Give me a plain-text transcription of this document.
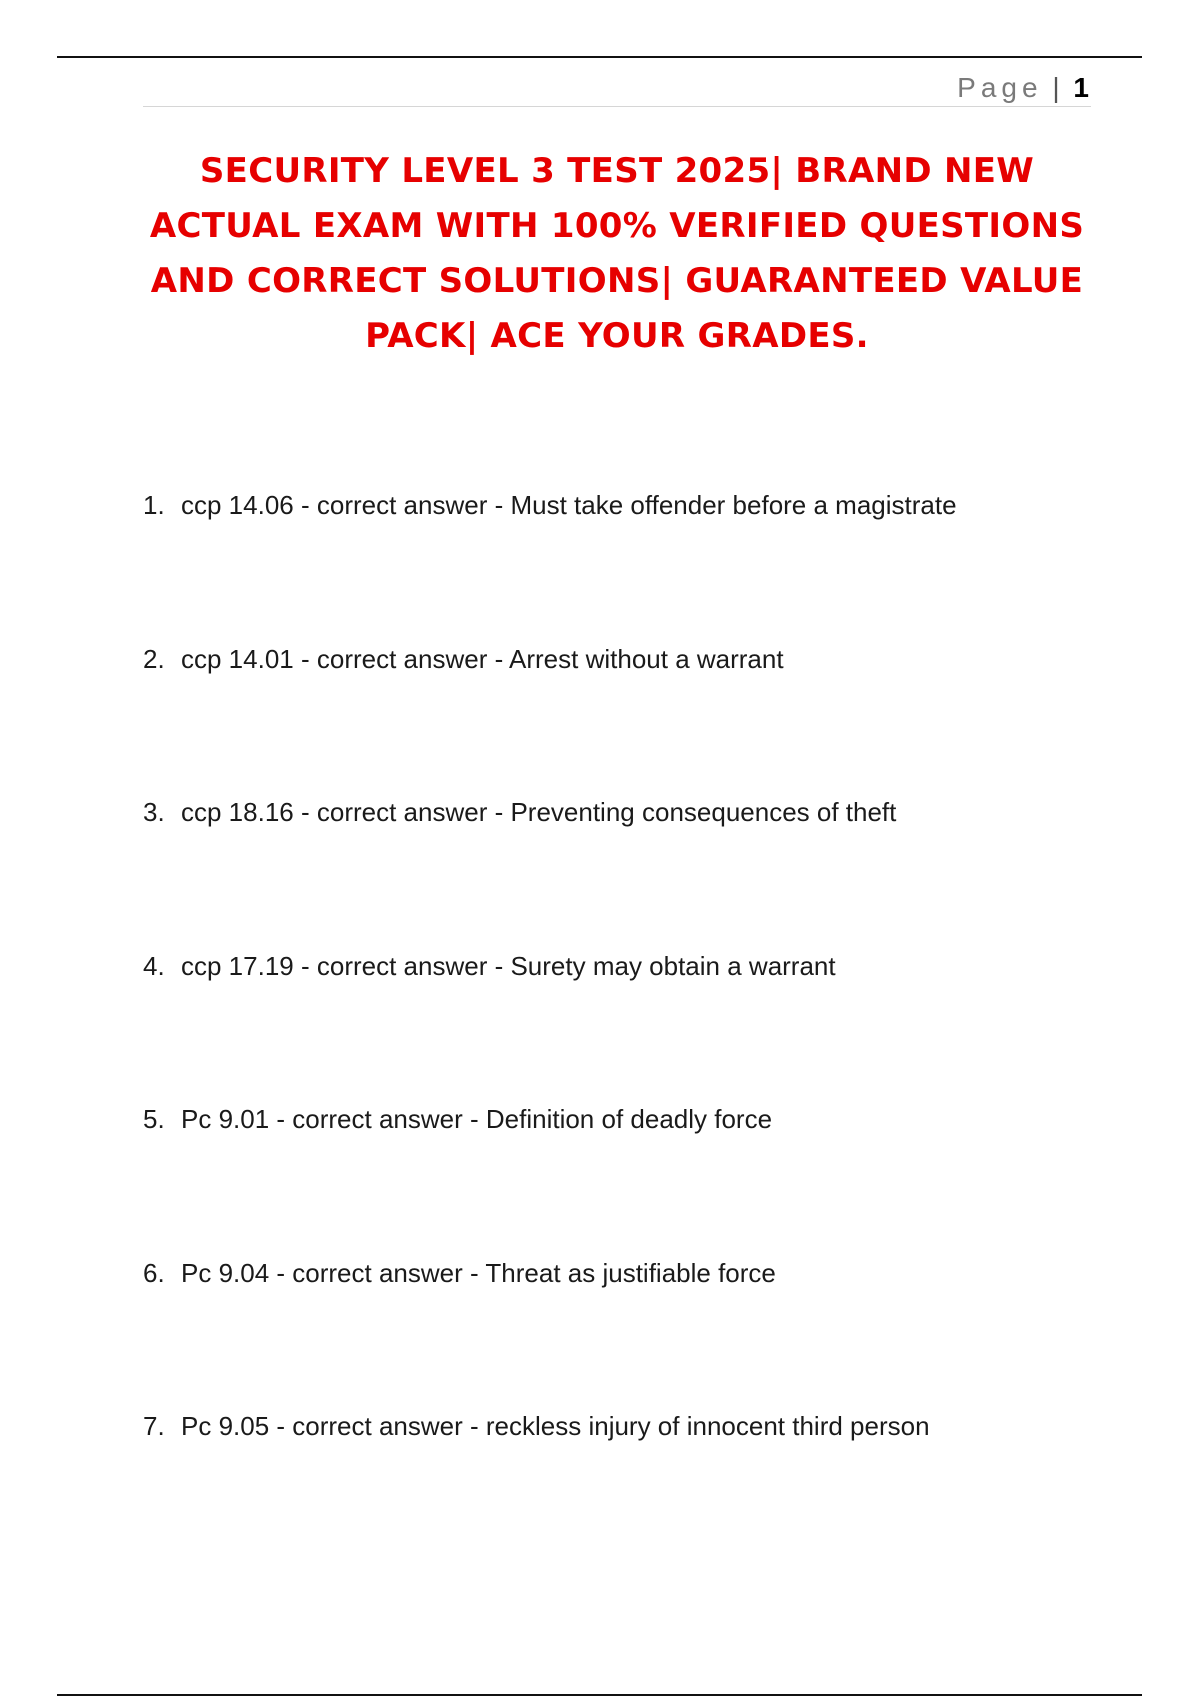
Page | 1
SECURITY LEVEL 3 TEST 2025| BRAND NEW ACTUAL EXAM WITH 100% VERIFIED QUESTIONS AND CORRECT SOLUTIONS| GUARANTEED VALUE PACK| ACE YOUR GRADES.
1. ccp 14.06 - correct answer - Must take offender before a magistrate
2. ccp 14.01 - correct answer - Arrest without a warrant
3. ccp 18.16 - correct answer - Preventing consequences of theft
4. ccp 17.19 - correct answer - Surety may obtain a warrant
5. Pc 9.01 - correct answer - Definition of deadly force
6. Pc 9.04 - correct answer - Threat as justifiable force
7. Pc 9.05 - correct answer - reckless injury of innocent third person
